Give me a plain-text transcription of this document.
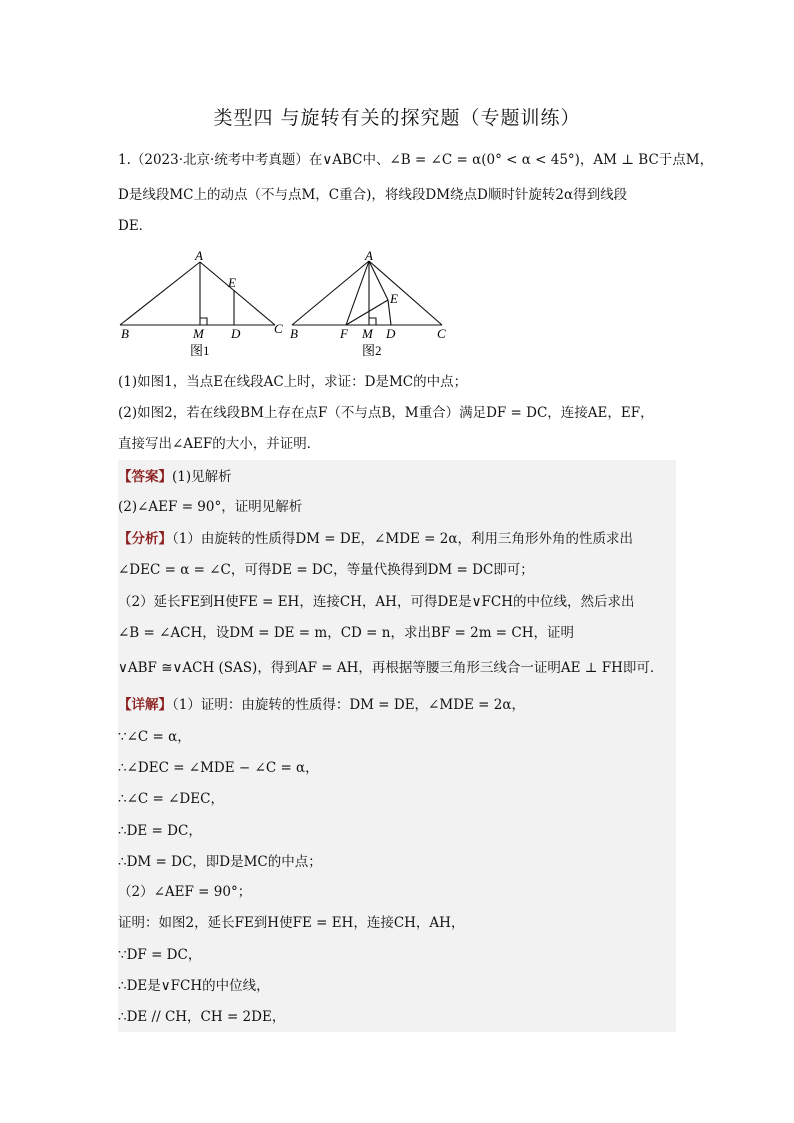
类型四 与旋转有关的探究题（专题训练）
1.（2023·北京·统考中考真题）在∨ABC中、∠B = ∠C = α(0° < α < 45°)，AM ⊥ BC于点M，
D是线段MC上的动点（不与点M，C重合)，将线段DM绕点D顺时针旋转2α得到线段
DE．
A
B	M D	C
E
图1
A
B	F M D	C
E
图2
(1)如图1，当点E在线段AC上时，求证：D是MC的中点；
(2)如图2，若在线段BM上存在点F（不与点B，M重合）满足DF = DC，连接AE，EF，
直接写出∠AEF的大小，并证明．
【答案】(1)见解析
(2)∠AEF = 90°，证明见解析
【分析】（1）由旋转的性质得DM = DE，∠MDE = 2α，利用三角形外角的性质求出
∠DEC = α = ∠C，可得DE = DC，等量代换得到DM = DC即可；
（2）延长FE到H使FE = EH，连接CH，AH，可得DE是∨FCH的中位线，然后求出
∠B = ∠ACH，设DM = DE = m，CD = n，求出BF = 2m = CH，证明
∨ABF ≅∨ACH (SAS)，得到AF = AH，再根据等腰三角形三线合一证明AE ⊥ FH即可．
【详解】（1）证明：由旋转的性质得：DM = DE，∠MDE = 2α，
∵∠C = α，
∴∠DEC = ∠MDE − ∠C = α，
∴∠C = ∠DEC，
∴DE = DC，
∴DM = DC，即D是MC的中点；
（2）∠AEF = 90°；
证明：如图2，延长FE到H使FE = EH，连接CH，AH，
∵DF = DC，
∴DE是∨FCH的中位线，
∴DE // CH，CH = 2DE，
